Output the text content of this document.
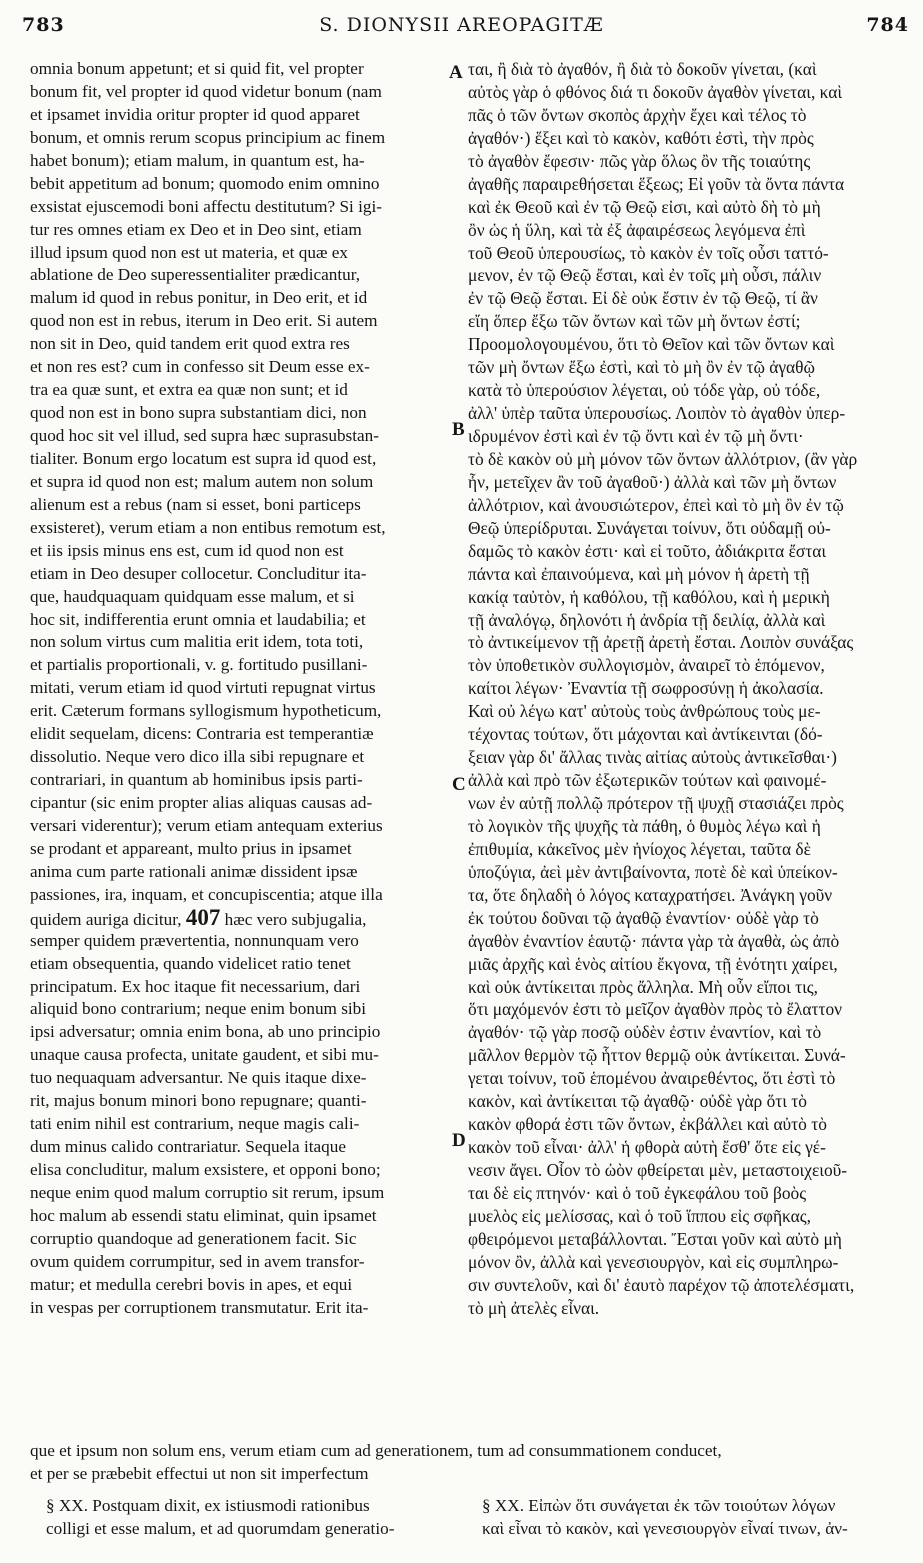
783	S. DIONYSII AREOPAGITÆ	784
omnia bonum appetunt; et si quid fit, vel propter
bonum fit, vel propter id quod videtur bonum (nam
et ipsamet invidia oritur propter id quod apparet
bonum, et omnis rerum scopus principium ac finem
habet bonum); etiam malum, in quantum est, ha-
bebit appetitum ad bonum; quomodo enim omnino
exsistat ejuscemodi boni affectu destitutum? Si igi-
tur res omnes etiam ex Deo et in Deo sint, etiam
illud ipsum quod non est ut materia, et quæ ex
ablatione de Deo superessentialiter prædicantur,
malum id quod in rebus ponitur, in Deo erit, et id
quod non est in rebus, iterum in Deo erit. Si autem
non sit in Deo, quid tandem erit quod extra res
et non res est? cum in confesso sit Deum esse ex-
tra ea quæ sunt, et extra ea quæ non sunt; et id
quod non est in bono supra substantiam dici, non
quod hoc sit vel illud, sed supra hæc suprasubstan-
tialiter. Bonum ergo locatum est supra id quod est,
et supra id quod non est; malum autem non solum
alienum est a rebus (nam si esset, boni particeps
exsisteret), verum etiam a non entibus remotum est,
et iis ipsis minus ens est, cum id quod non est
etiam in Deo desuper collocetur. Concluditur ita-
que, haudquaquam quidquam esse malum, et si
hoc sit, indifferentia erunt omnia et laudabilia; et
non solum virtus cum malitia erit idem, tota toti,
et partialis proportionali, v. g. fortitudo pusillani-
mitati, verum etiam id quod virtuti repugnat virtus
erit. Cæterum formans syllogismum hypotheticum,
elidit sequelam, dicens: Contraria est temperantiæ
dissolutio. Neque vero dico illa sibi repugnare et
contrariari, in quantum ab hominibus ipsis parti-
cipantur (sic enim propter alias aliquas causas ad-
versari viderentur); verum etiam antequam exterius
se prodant et appareant, multo prius in ipsamet
anima cum parte rationali animæ dissident ipsæ
passiones, ira, inquam, et concupiscentia; atque illa
quidem auriga dicitur, 407 hæc vero subjugalia,
semper quidem prævertentia, nonnunquam vero
etiam obsequentia, quando videlicet ratio tenet
principatum. Ex hoc itaque fit necessarium, dari
aliquid bono contrarium; neque enim bonum sibi
ipsi adversatur; omnia enim bona, ab uno principio
unaque causa profecta, unitate gaudent, et sibi mu-
tuo nequaquam adversantur. Ne quis itaque dixe-
rit, majus bonum minori bono repugnare; quanti-
tati enim nihil est contrarium, neque magis cali-
dum minus calido contrariatur. Sequela itaque
elisa concluditur, malum exsistere, et opponi bono;
neque enim quod malum corruptio sit rerum, ipsum
hoc malum ab essendi statu eliminat, quin ipsamet
corruptio quandoque ad generationem facit. Sic
ovum quidem corrumpitur, sed in avem transfor-
matur; et medulla cerebri bovis in apes, et equi
in vespas per corruptionem transmutatur. Erit ita-
ται, ἢ διὰ τὸ ἀγαθόν, ἢ διὰ τὸ δοκοῦν γίνεται, (καὶ
αὐτὸς γὰρ ὁ φθόνος διά τι δοκοῦν ἀγαθὸν γίνεται, καὶ
πᾶς ὁ τῶν ὄντων σκοπὸς ἀρχὴν ἔχει καὶ τέλος τὸ
ἀγαθόν·) ἕξει καὶ τὸ κακὸν, καθότι ἐστὶ, τὴν πρὸς
τὸ ἀγαθὸν ἔφεσιν· πῶς γὰρ ὅλως ὂν τῆς τοιαύτης
ἀγαθῆς παραιρεθήσεται ἕξεως; Εἰ γοῦν τὰ ὄντα πάντα
καὶ ἐκ Θεοῦ καὶ ἐν τῷ Θεῷ εἰσι, καὶ αὐτὸ δὴ τὸ μὴ
ὂν ὡς ἡ ὕλη, καὶ τὰ ἐξ ἀφαιρέσεως λεγόμενα ἐπὶ
τοῦ Θεοῦ ὑπερουσίως, τὸ κακὸν ἐν τοῖς οὖσι ταττό-
μενον, ἐν τῷ Θεῷ ἔσται, καὶ ἐν τοῖς μὴ οὖσι, πάλιν
ἐν τῷ Θεῷ ἔσται. Εἰ δὲ οὐκ ἔστιν ἐν τῷ Θεῷ, τί ἂν
εἴη ὅπερ ἔξω τῶν ὄντων καὶ τῶν μὴ ὄντων ἐστί;
Προομολογουμένου, ὅτι τὸ Θεῖον καὶ τῶν ὄντων καὶ
τῶν μὴ ὄντων ἔξω ἐστὶ, καὶ τὸ μὴ ὂν ἐν τῷ ἀγαθῷ
κατὰ τὸ ὑπερούσιον λέγεται, οὐ τόδε γὰρ, οὐ τόδε,
ἀλλ' ὑπὲρ ταῦτα ὑπερουσίως. Λοιπὸν τὸ ἀγαθὸν ὑπερ-
ιδρυμένον ἐστὶ καὶ ἐν τῷ ὄντι καὶ ἐν τῷ μὴ ὄντι·
τὸ δὲ κακὸν οὐ μὴ μόνον τῶν ὄντων ἀλλότριον, (ἂν γὰρ
ἦν, μετεῖχεν ἂν τοῦ ἀγαθοῦ·) ἀλλὰ καὶ τῶν μὴ ὄντων
ἀλλότριον, καὶ ἀνουσιώτερον, ἐπεὶ καὶ τὸ μὴ ὂν ἐν τῷ
Θεῷ ὑπερίδρυται. Συνάγεται τοίνυν, ὅτι οὐδαμῇ οὐ-
δαμῶς τὸ κακὸν ἐστι· καὶ εἰ τοῦτο, ἀδιάκριτα ἔσται
πάντα καὶ ἐπαινούμενα, καὶ μὴ μόνον ἡ ἀρετὴ τῇ
κακίᾳ ταὐτὸν, ἡ καθόλου, τῇ καθόλου, καὶ ἡ μερικὴ
τῇ ἀναλόγῳ, δηλονότι ἡ ἀνδρία τῇ δειλίᾳ, ἀλλὰ καὶ
τὸ ἀντικείμενον τῇ ἀρετῇ ἀρετὴ ἔσται. Λοιπὸν συνάξας
τὸν ὑποθετικὸν συλλογισμὸν, ἀναιρεῖ τὸ ἑπόμενον,
καίτοι λέγων· Ἐναντία τῇ σωφροσύνῃ ἡ ἀκολασία.
Καὶ οὐ λέγω κατ' αὐτοὺς τοὺς ἀνθρώπους τοὺς με-
τέχοντας τούτων, ὅτι μάχονται καὶ ἀντίκεινται (δό-
ξειαν γὰρ δι' ἄλλας τινὰς αἰτίας αὐτοὺς ἀντικεῖσθαι·)
ἀλλὰ καὶ πρὸ τῶν ἐξωτερικῶν τούτων καὶ φαινομέ-
νων ἐν αὐτῇ πολλῷ πρότερον τῇ ψυχῇ στασιάζει πρὸς
τὸ λογικὸν τῆς ψυχῆς τὰ πάθη, ὁ θυμὸς λέγω καὶ ἡ
ἐπιθυμία, κἀκεῖνος μὲν ἡνίοχος λέγεται, ταῦτα δὲ
ὑποζύγια, ἀεὶ μὲν ἀντιβαίνοντα, ποτὲ δὲ καὶ ὑπείκον-
τα, ὅτε δηλαδὴ ὁ λόγος καταχρατήσει. Ἀνάγκη γοῦν
ἐκ τούτου δοῦναι τῷ ἀγαθῷ ἐναντίον· οὐδὲ γὰρ τὸ
ἀγαθὸν ἐναντίον ἑαυτῷ· πάντα γὰρ τὰ ἀγαθὰ, ὡς ἀπὸ
μιᾶς ἀρχῆς καὶ ἑνὸς αἰτίου ἔκγονα, τῇ ἑνότητι χαίρει,
καὶ οὐκ ἀντίκειται πρὸς ἄλληλα. Μὴ οὖν εἴποι τις,
ὅτι μαχόμενόν ἐστι τὸ μεῖζον ἀγαθὸν πρὸς τὸ ἔλαττον
ἀγαθόν· τῷ γὰρ ποσῷ οὐδὲν ἐστιν ἐναντίον, καὶ τὸ
μᾶλλον θερμὸν τῷ ἧττον θερμῷ οὐκ ἀντίκειται. Συνά-
γεται τοίνυν, τοῦ ἑπομένου ἀναιρεθέντος, ὅτι ἐστὶ τὸ
κακὸν, καὶ ἀντίκειται τῷ ἀγαθῷ· οὐδὲ γὰρ ὅτι τὸ
κακὸν φθορά ἐστι τῶν ὄντων, ἐκβάλλει καὶ αὐτὸ τὸ
κακὸν τοῦ εἶναι· ἀλλ' ἡ φθορὰ αὐτὴ ἔσθ' ὅτε εἰς γέ-
νεσιν ἄγει. Οἷον τὸ ὠὸν φθείρεται μὲν, μεταστοιχειοῦ-
ται δὲ εἰς πτηνόν· καὶ ὁ τοῦ ἐγκεφάλου τοῦ βοὸς
μυελὸς εἰς μελίσσας, καὶ ὁ τοῦ ἵππου εἰς σφῆκας,
φθειρόμενοι μεταβάλλονται. Ἔσται γοῦν καὶ αὐτὸ μὴ
μόνον ὂν, ἀλλὰ καὶ γενεσιουργὸν, καὶ εἰς συμπληρω-
σιν συντελοῦν, καὶ δι' ἑαυτὸ παρέχον τῷ ἀποτελέσματι,
τὸ μὴ ἀτελὲς εἶναι.
A
B
C
D
que et ipsum non solum ens, verum etiam cum ad generationem, tum ad consummationem conducet,
et per se præbebit effectui ut non sit imperfectum
§ XX. Postquam dixit, ex istiusmodi rationibus
colligi et esse malum, et ad quorumdam generatio-
§ XX. Εἰπὼν ὅτι συνάγεται ἐκ τῶν τοιούτων λόγων
καὶ εἶναι τὸ κακὸν, καὶ γενεσιουργὸν εἶναί τινων, ἀν-
